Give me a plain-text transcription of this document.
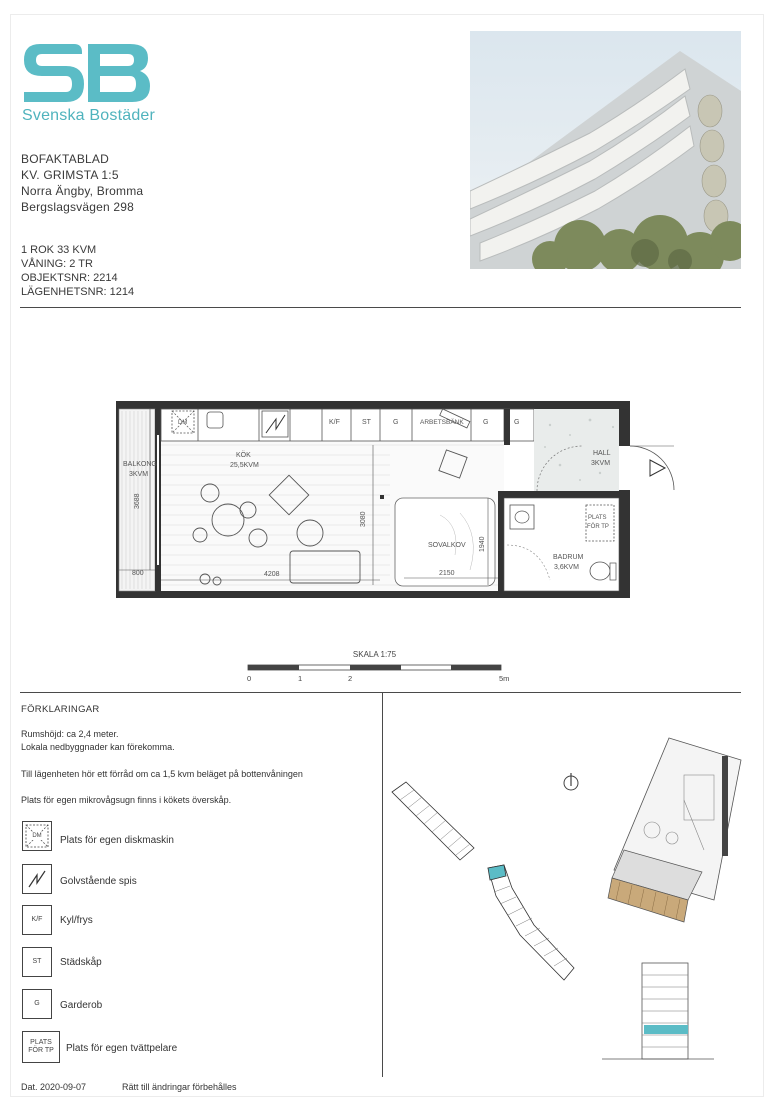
Svenska Bostäder
BOFAKTABLAD
KV. GRIMSTA 1:5
Norra Ängby, Bromma
Bergslagsvägen 298
1 ROK 33 KVM
VÅNING: 2 TR
OBJEKTSNR: 2214
LÄGENHETSNR: 1214
BALKONG
3KVM
KÖK
25,5KVM
HALL
3KVM
SOVALKOV
BADRUM
3,6KVM
DM	K/F	ST	G	G	G
ARBETSBÄNK
PLATS
FÖR TP
3688
800	4208
3080
2150
1940
SKALA 1:75
0	1	2	5m
FÖRKLARINGAR
Rumshöjd: ca 2,4 meter.
Lokala nedbyggnader kan förekomma.
Till lägenheten hör ett förråd om ca 1,5 kvm beläget på bottenvåningen
Plats för egen mikrovågsugn finns i kökets överskåp.
DM Plats för egen diskmaskin
Golvstående spis
K/F Kyl/frys
ST Städskåp
G Garderob
PLATS
FÖR TP Plats för egen tvättpelare
Dat. 2020-09-07	Rätt till ändringar förbehålles
